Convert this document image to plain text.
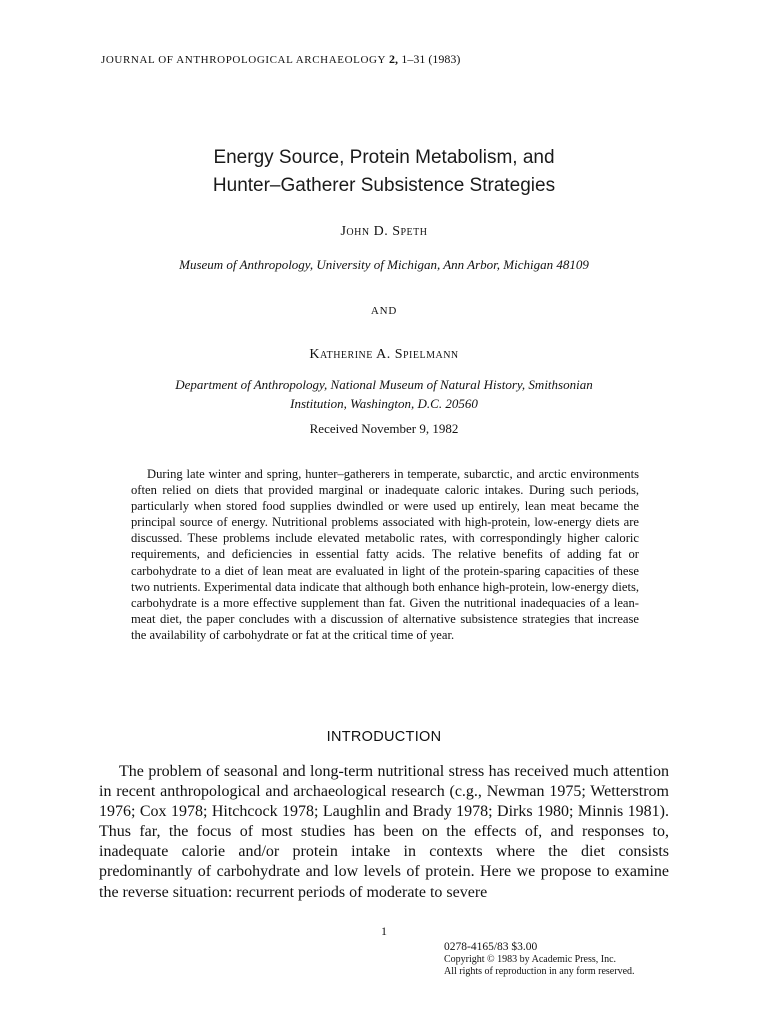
JOURNAL OF ANTHROPOLOGICAL ARCHAEOLOGY 2, 1–31 (1983)
Energy Source, Protein Metabolism, and
Hunter–Gatherer Subsistence Strategies
John D. Speth
Museum of Anthropology, University of Michigan, Ann Arbor, Michigan 48109
AND
Katherine A. Spielmann
Department of Anthropology, National Museum of Natural History, Smithsonian
Institution, Washington, D.C. 20560
Received November 9, 1982

During late winter and spring, hunter–gatherers in temperate, subarctic, and arctic environments often relied on diets that provided marginal or inadequate caloric intakes. During such periods, particularly when stored food supplies dwindled or were used up entirely, lean meat became the principal source of energy. Nutritional problems associated with high-protein, low-energy diets are discussed. These problems include elevated metabolic rates, with correspondingly higher caloric requirements, and deficiencies in essential fatty acids. The relative benefits of adding fat or carbohydrate to a diet of lean meat are evaluated in light of the protein-sparing capacities of these two nutrients. Experimental data indicate that although both enhance high-protein, low-energy diets, carbohydrate is a more effective supplement than fat. Given the nutritional inadequacies of a lean-meat diet, the paper concludes with a discussion of alternative subsistence strategies that increase the availability of carbohydrate or fat at the critical time of year.

INTRODUCTION

The problem of seasonal and long-term nutritional stress has received much attention in recent anthropological and archaeological research (c.g., Newman 1975; Wetterstrom 1976; Cox 1978; Hitchcock 1978; Laughlin and Brady 1978; Dirks 1980; Minnis 1981). Thus far, the focus of most studies has been on the effects of, and responses to, inadequate calorie and/or protein intake in contexts where the diet consists predominantly of carbohydrate and low levels of protein. Here we propose to examine the reverse situation: recurrent periods of moderate to severe

1
0278-4165/83 $3.00
Copyright © 1983 by Academic Press, Inc.
All rights of reproduction in any form reserved.
